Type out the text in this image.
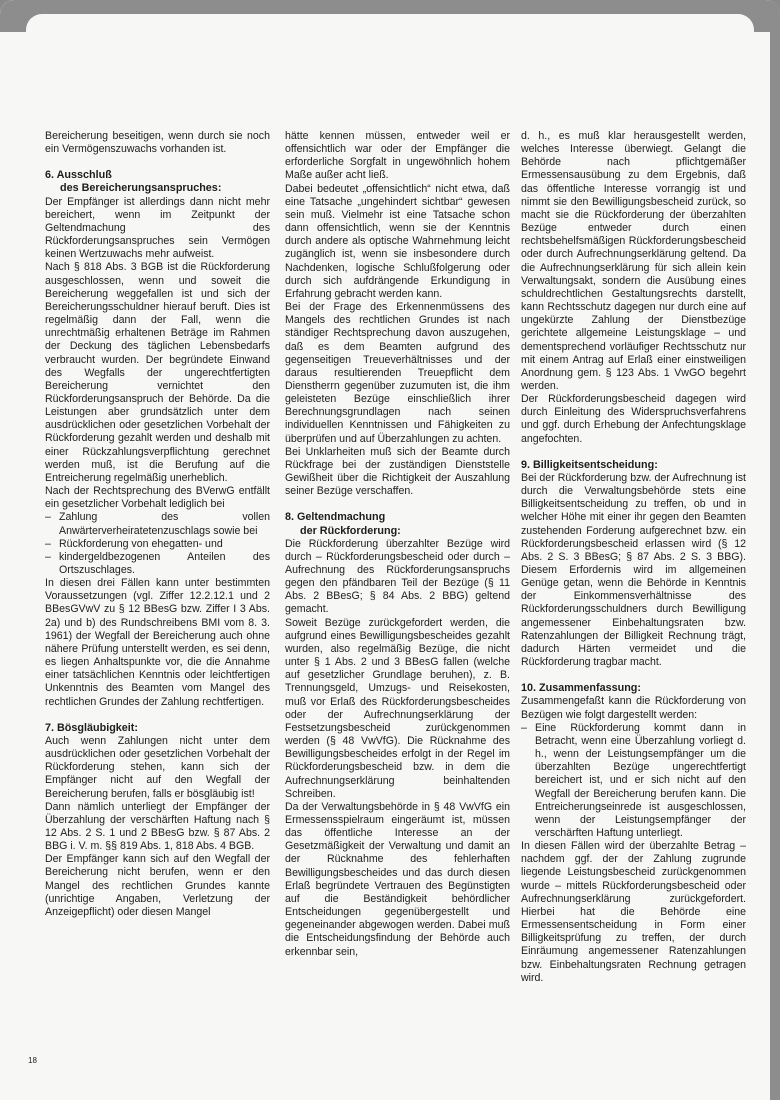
Bereicherung beseitigen, wenn durch sie noch ein Vermögenszuwachs vorhanden ist.

6. Ausschluß
des Bereicherungsanspruches:

Der Empfänger ist allerdings dann nicht mehr bereichert, wenn im Zeitpunkt der Geltendmachung des Rückforderungsanspruches sein Vermögen keinen Wertzuwachs mehr aufweist.

Nach § 818 Abs. 3 BGB ist die Rückforderung ausgeschlossen, wenn und soweit die Bereicherung weggefallen ist und sich der Bereicherungsschuldner hierauf beruft. Dies ist regelmäßig dann der Fall, wenn die unrechtmäßig erhaltenen Beträge im Rahmen der Deckung des täglichen Lebensbedarfs verbraucht wurden. Der begründete Einwand des Wegfalls der ungerechtfertigten Bereicherung vernichtet den Rückforderungsanspruch der Behörde. Da die Leistungen aber grundsätzlich unter dem ausdrücklichen oder gesetzlichen Vorbehalt der Rückforderung gezahlt werden und deshalb mit einer Rückzahlungsverpflichtung gerechnet werden muß, ist die Berufung auf die Entreicherung regelmäßig unerheblich.

Nach der Rechtsprechung des BVerwG entfällt ein gesetzlicher Vorbehalt lediglich bei

– Zahlung des vollen Anwärterverheiratetenzuschlags sowie bei
– Rückforderung von ehegatten- und
– kindergeldbezogenen Anteilen des Ortszuschlages.

In diesen drei Fällen kann unter bestimmten Voraussetzungen (vgl. Ziffer 12.2.12.1 und 2 BBesGVwV zu § 12 BBesG bzw. Ziffer I 3 Abs. 2a) und b) des Rundschreibens BMI vom 8. 3. 1961) der Wegfall der Bereicherung auch ohne nähere Prüfung unterstellt werden, es sei denn, es liegen Anhaltspunkte vor, die die Annahme einer tatsächlichen Kenntnis oder leichtfertigen Unkenntnis des Beamten vom Mangel des rechtlichen Grundes der Zahlung rechtfertigen.

7. Bösgläubigkeit:

Auch wenn Zahlungen nicht unter dem ausdrücklichen oder gesetzlichen Vorbehalt der Rückforderung stehen, kann sich der Empfänger nicht auf den Wegfall der Bereicherung berufen, falls er bösgläubig ist!

Dann nämlich unterliegt der Empfänger der Überzahlung der verschärften Haftung nach § 12 Abs. 2 S. 1 und 2 BBesG bzw. § 87 Abs. 2 BBG i. V. m. §§ 819 Abs. 1, 818 Abs. 4 BGB.

Der Empfänger kann sich auf den Wegfall der Bereicherung nicht berufen, wenn er den Mangel des rechtlichen Grundes kannte (unrichtige Angaben, Verletzung der Anzeigepflicht) oder diesen Mangel

hätte kennen müssen, entweder weil er offensichtlich war oder der Empfänger die erforderliche Sorgfalt in ungewöhnlich hohem Maße außer acht ließ.

Dabei bedeutet „offensichtlich“ nicht etwa, daß eine Tatsache „ungehindert sichtbar“ gewesen sein muß. Vielmehr ist eine Tatsache schon dann offensichtlich, wenn sie der Kenntnis durch andere als optische Wahrnehmung leicht zugänglich ist, wenn sie insbesondere durch Nachdenken, logische Schlußfolgerung oder durch sich aufdrängende Erkundigung in Erfahrung gebracht werden kann.

Bei der Frage des Erkennenmüssens des Mangels des rechtlichen Grundes ist nach ständiger Rechtsprechung davon auszugehen, daß es dem Beamten aufgrund des gegenseitigen Treueverhältnisses und der daraus resultierenden Treuepflicht dem Dienstherrn gegenüber zuzumuten ist, die ihm geleisteten Bezüge einschließlich ihrer Berechnungsgrundlagen nach seinen individuellen Kenntnissen und Fähigkeiten zu überprüfen und auf Überzahlungen zu achten.

Bei Unklarheiten muß sich der Beamte durch Rückfrage bei der zuständigen Dienststelle Gewißheit über die Richtigkeit der Auszahlung seiner Bezüge verschaffen.

8. Geltendmachung
der Rückforderung:

Die Rückforderung überzahlter Bezüge wird durch – Rückforderungsbescheid oder durch – Aufrechnung des Rückforderungsanspruchs gegen den pfändbaren Teil der Bezüge (§ 11 Abs. 2 BBesG; § 84 Abs. 2 BBG) geltend gemacht.

Soweit Bezüge zurückgefordert werden, die aufgrund eines Bewilligungsbescheides gezahlt wurden, also regelmäßig Bezüge, die nicht unter § 1 Abs. 2 und 3 BBesG fallen (welche auf gesetzlicher Grundlage beruhen), z. B. Trennungsgeld, Umzugs- und Reisekosten, muß vor Erlaß des Rückforderungsbescheides oder der Aufrechnungserklärung der Festsetzungsbescheid zurückgenommen werden (§ 48 VwVfG). Die Rücknahme des Bewilligungsbescheides erfolgt in der Regel im Rückforderungsbescheid bzw. in dem die Aufrechnungserklärung beinhaltenden Schreiben.

Da der Verwaltungsbehörde in § 48 VwVfG ein Ermessensspielraum eingeräumt ist, müssen das öffentliche Interesse an der Gesetzmäßigkeit der Verwaltung und damit an der Rücknahme des fehlerhaften Bewilligungsbescheides und das durch diesen Erlaß begründete Vertrauen des Begünstigten auf die Beständigkeit behördlicher Entscheidungen gegenübergestellt und gegeneinander abgewogen werden. Dabei muß die Entscheidungsfindung der Behörde auch erkennbar sein,

d. h., es muß klar herausgestellt werden, welches Interesse überwiegt. Gelangt die Behörde nach pflichtgemäßer Ermessensausübung zu dem Ergebnis, daß das öffentliche Interesse vorrangig ist und nimmt sie den Bewilligungsbescheid zurück, so macht sie die Rückforderung der überzahlten Bezüge entweder durch einen rechtsbehelfsmäßigen Rückforderungsbescheid oder durch Aufrechnungserklärung geltend. Da die Aufrechnungserklärung für sich allein kein Verwaltungsakt, sondern die Ausübung eines schuldrechtlichen Gestaltungsrechts darstellt, kann Rechtsschutz dagegen nur durch eine auf ungekürzte Zahlung der Dienstbezüge gerichtete allgemeine Leistungsklage – und dementsprechend vorläufiger Rechtsschutz nur mit einem Antrag auf Erlaß einer einstweiligen Anordnung gem. § 123 Abs. 1 VwGO begehrt werden.

Der Rückforderungsbescheid dagegen wird durch Einleitung des Widerspruchsverfahrens und ggf. durch Erhebung der Anfechtungsklage angefochten.

9. Billigkeitsentscheidung:

Bei der Rückforderung bzw. der Aufrechnung ist durch die Verwaltungsbehörde stets eine Billigkeitsentscheidung zu treffen, ob und in welcher Höhe mit einer ihr gegen den Beamten zustehenden Forderung aufgerechnet bzw. ein Rückforderungsbescheid erlassen wird (§ 12 Abs. 2 S. 3 BBesG; § 87 Abs. 2 S. 3 BBG). Diesem Erfordernis wird im allgemeinen Genüge getan, wenn die Behörde in Kenntnis der Einkommensverhältnisse des Rückforderungsschuldners durch Bewilligung angemessener Einbehaltungsraten bzw. Ratenzahlungen der Billigkeit Rechnung trägt, dadurch Härten vermeidet und die Rückforderung tragbar macht.

10. Zusammenfassung:

Zusammengefaßt kann die Rückforderung von Bezügen wie folgt dargestellt werden:

– Eine Rückforderung kommt dann in Betracht, wenn eine Überzahlung vorliegt d. h., wenn der Leistungsempfänger um die überzahlten Bezüge ungerechtfertigt bereichert ist, und er sich nicht auf den Wegfall der Bereicherung berufen kann. Die Entreicherungseinrede ist ausgeschlossen, wenn der Leistungsempfänger der verschärften Haftung unterliegt.

In diesen Fällen wird der überzahlte Betrag – nachdem ggf. der der Zahlung zugrunde liegende Leistungsbescheid zurückgenommen wurde – mittels Rückforderungsbescheid oder Aufrechnungserklärung zurückgefordert. Hierbei hat die Behörde eine Ermessensentscheidung in Form einer Billigkeitsprüfung zu treffen, der durch Einräumung angemessener Ratenzahlungen bzw. Einbehaltungsraten Rechnung getragen wird.

18
